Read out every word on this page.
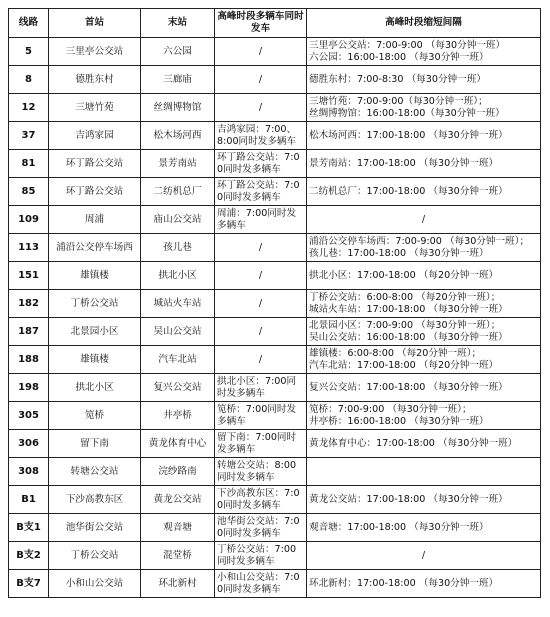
线路	首站	末站	高峰时段多辆车同时发车	高峰时段缩短间隔
5	三里亭公交站	六公园	/	三里亭公交站：7:00-9:00 （每30分钟一班）
六公园：16:00-18:00 （每30分钟一班）

8	德胜东村	三廊庙	/	德胜东村：7:00-8:30 （每30分钟一班）

12	三塘竹苑	丝绸博物馆	/	三塘竹苑：7:00-9:00（每30分钟一班）；
丝绸博物馆：16:00-18:00（每30分钟一班）

37	吉鸿家园	松木场河西	吉鸿家园：7:00、8:00同时发多辆车	松木场河西：17:00-18:00 （每30分钟一班）

81	环丁路公交站	景芳南站	环丁路公交站：7:00同时发多辆车	景芳南站：17:00-18:00 （每30分钟一班）

85	环丁路公交站	二纺机总厂	环丁路公交站：7:00同时发多辆车	二纺机总厂：17:00-18:00 （每30分钟一班）

109	周浦	庙山公交站	周浦：7:00同时发多辆车	/

113	浦沿公交停车场西	孩儿巷	/	浦沿公交停车场西：7:00-9:00 （每30分钟一班）；
孩儿巷：17:00-18:00 （每30分钟一班）

151	雄镇楼	拱北小区	/	拱北小区：17:00-18:00 （每20分钟一班）

182	丁桥公交站	城站火车站	/	丁桥公交站：6:00-8:00 （每20分钟一班）；
城站火车站：17:00-18:00 （每30分钟一班）

187	北景园小区	吴山公交站	/	北景园小区：7:00-9:00 （每30分钟一班）；
吴山公交站：16:00-18:00 （每30分钟一班）

188	雄镇楼	汽车北站	/	雄镇楼：6:00-8:00 （每20分钟一班）；
汽车北站：17:00-18:00 （每20分钟一班）

198	拱北小区	复兴公交站	拱北小区：7:00同时发多辆车	复兴公交站：17:00-18:00 （每30分钟一班）

305	笕桥	井亭桥	笕桥：7:00同时发多辆车	笕桥：7:00-9:00 （每30分钟一班）；
井亭桥：16:00-18:00 （每30分钟一班）

306	留下南	黄龙体育中心	留下南：7:00同时发多辆车	黄龙体育中心：17:00-18:00 （每30分钟一班）

308	转塘公交站	浣纱路南	转塘公交站：8:00同时发多辆车	

B1	下沙高教东区	黄龙公交站	下沙高教东区：7:00同时发多辆车	黄龙公交站：17:00-18:00 （每30分钟一班）

B支1	池华街公交站	观音塘	池华街公交站：7:00同时发多辆车	观音塘：17:00-18:00 （每30分钟一班）

B支2	丁桥公交站	混堂桥	丁桥公交站：7:00同时发多辆车	/

B支7	小和山公交站	环北新村	小和山公交站：7:00同时发多辆车	环北新村：17:00-18:00 （每30分钟一班）
